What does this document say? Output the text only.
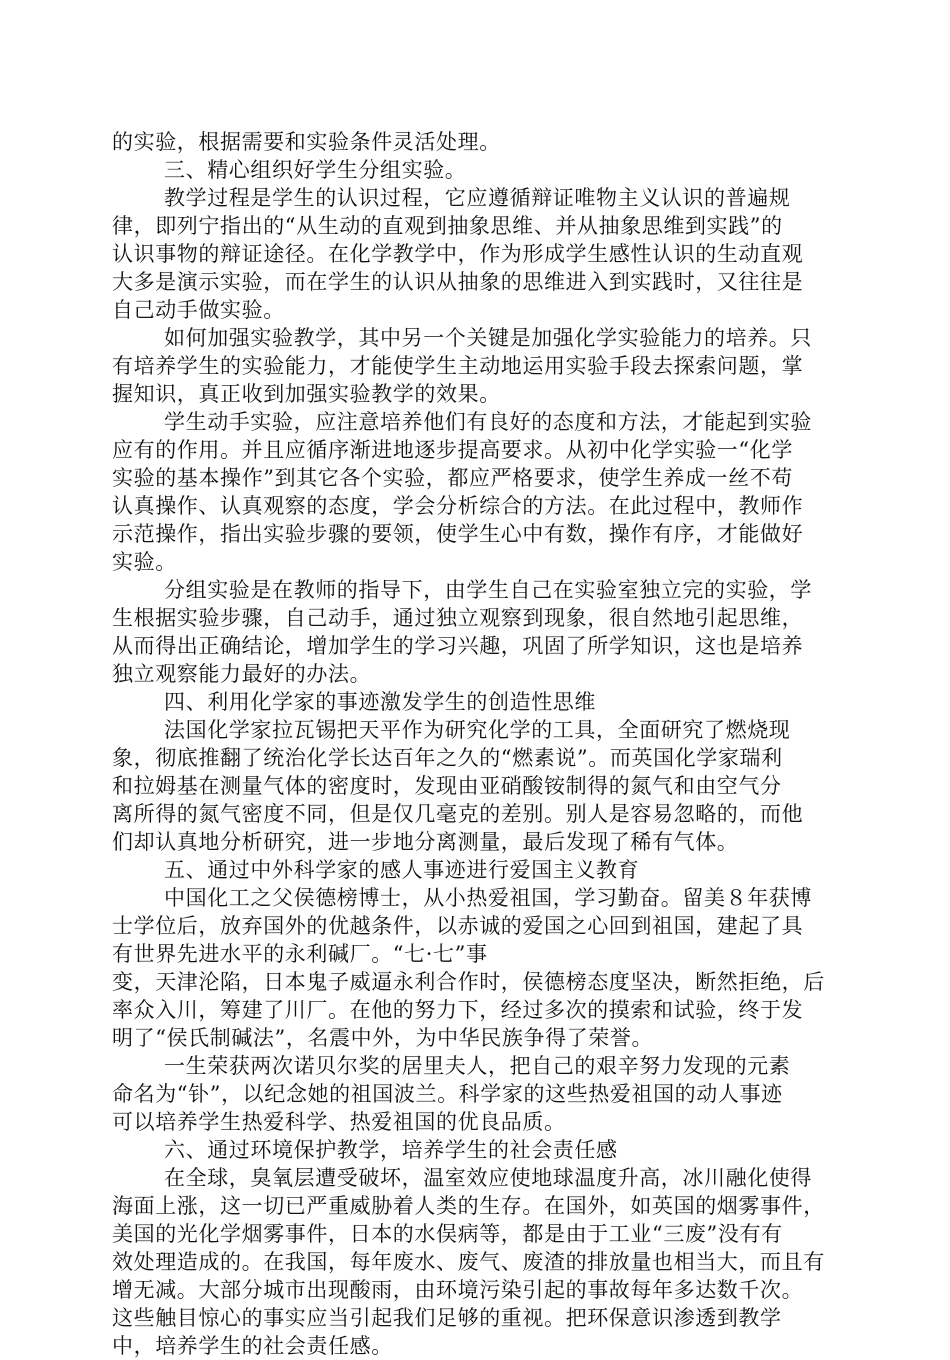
的实验，根据需要和实验条件灵活处理。
三、精心组织好学生分组实验。
教学过程是学生的认识过程，它应遵循辩证唯物主义认识的普遍规
律，即列宁指出的“从生动的直观到抽象思维、并从抽象思维到实践”的
认识事物的辩证途径。在化学教学中，作为形成学生感性认识的生动直观
大多是演示实验，而在学生的认识从抽象的思维进入到实践时，又往往是
自己动手做实验。
如何加强实验教学，其中另一个关键是加强化学实验能力的培养。只
有培养学生的实验能力，才能使学生主动地运用实验手段去探索问题，掌
握知识，真正收到加强实验教学的效果。
学生动手实验，应注意培养他们有良好的态度和方法，才能起到实验
应有的作用。并且应循序渐进地逐步提高要求。从初中化学实验一“化学
实验的基本操作”到其它各个实验，都应严格要求，使学生养成一丝不苟
认真操作、认真观察的态度，学会分析综合的方法。在此过程中，教师作
示范操作，指出实验步骤的要领，使学生心中有数，操作有序，才能做好
实验。
分组实验是在教师的指导下，由学生自己在实验室独立完的实验，学
生根据实验步骤，自己动手，通过独立观察到现象，很自然地引起思维，
从而得出正确结论，增加学生的学习兴趣，巩固了所学知识，这也是培养
独立观察能力最好的办法。
四、利用化学家的事迹激发学生的创造性思维
法国化学家拉瓦锡把天平作为研究化学的工具，全面研究了燃烧现
象，彻底推翻了统治化学长达百年之久的“燃素说”。而英国化学家瑞利
和拉姆基在测量气体的密度时，发现由亚硝酸铵制得的氮气和由空气分
离所得的氮气密度不同，但是仅几毫克的差别。别人是容易忽略的，而他
们却认真地分析研究，进一步地分离测量，最后发现了稀有气体。
五、通过中外科学家的感人事迹进行爱国主义教育
中国化工之父侯德榜博士，从小热爱祖国，学习勤奋。留美８年获博
士学位后，放弃国外的优越条件，以赤诚的爱国之心回到祖国，建起了具
有世界先进水平的永利碱厂。“七·七”事
变，天津沦陷，日本鬼子威逼永利合作时，侯德榜态度坚决，断然拒绝，后
率众入川，筹建了川厂。在他的努力下，经过多次的摸索和试验，终于发
明了“侯氏制碱法”，名震中外，为中华民族争得了荣誉。
一生荣获两次诺贝尔奖的居里夫人，把自己的艰辛努力发现的元素
命名为“钋”，以纪念她的祖国波兰。科学家的这些热爱祖国的动人事迹
可以培养学生热爱科学、热爱祖国的优良品质。
六、通过环境保护教学，培养学生的社会责任感
在全球，臭氧层遭受破坏，温室效应使地球温度升高，冰川融化使得
海面上涨，这一切已严重威胁着人类的生存。在国外，如英国的烟雾事件，
美国的光化学烟雾事件，日本的水俣病等，都是由于工业“三废”没有有
效处理造成的。在我国，每年废水、废气、废渣的排放量也相当大，而且有
增无减。大部分城市出现酸雨，由环境污染引起的事故每年多达数千次。
这些触目惊心的事实应当引起我们足够的重视。把环保意识渗透到教学
中，培养学生的社会责任感。
